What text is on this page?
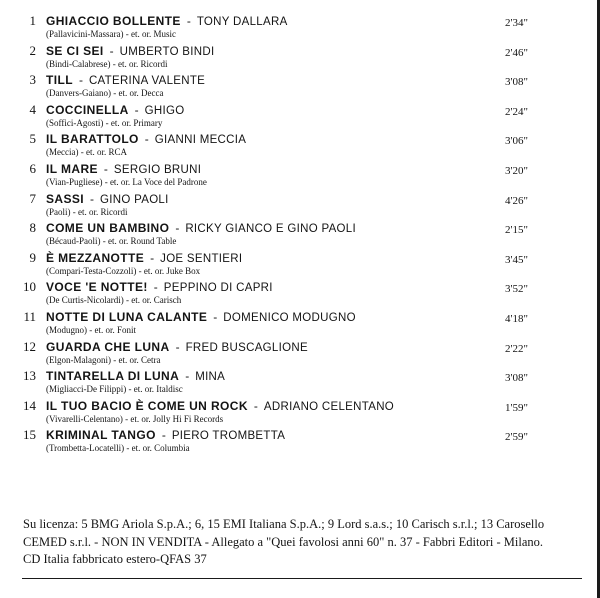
1 GHIACCIO BOLLENTE - TONY DALLARA
(Pallavicini-Massara) - et. or. Music
2'34"
2 SE CI SEI - UMBERTO BINDI
(Bindi-Calabrese) - et. or. Ricordi
2'46"
3 TILL - CATERINA VALENTE
(Danvers-Gaiano) - et. or. Decca
3'08"
4 COCCINELLA - GHIGO
(Soffici-Agosti) - et. or. Primary
2'24"
5 IL BARATTOLO - GIANNI MECCIA
(Meccia) - et. or. RCA
3'06"
6 IL MARE - SERGIO BRUNI
(Vian-Pugliese) - et. or. La Voce del Padrone
3'20"
7 SASSI - GINO PAOLI
(Paoli) - et. or. Ricordi
4'26"
8 COME UN BAMBINO - RICKY GIANCO E GINO PAOLI
(Bécaud-Paoli) - et. or. Round Table
2'15"
9 È MEZZANOTTE - JOE SENTIERI
(Compari-Testa-Cozzoli) - et. or. Juke Box
3'45"
10 VOCE 'E NOTTE! - PEPPINO DI CAPRI
(De Curtis-Nicolardi) - et. or. Carisch
3'52"
11 NOTTE DI LUNA CALANTE - DOMENICO MODUGNO
(Modugno) - et. or. Fonit
4'18"
12 GUARDA CHE LUNA - FRED BUSCAGLIONE
(Elgon-Malagoni) - et. or. Cetra
2'22"
13 TINTARELLA DI LUNA - MINA
(Migliacci-De Filippi) - et. or. Italdisc
3'08"
14 IL TUO BACIO È COME UN ROCK - ADRIANO CELENTANO
(Vivarelli-Celentano) - et. or. Jolly Hi Fi Records
1'59"
15 KRIMINAL TANGO - PIERO TROMBETTA
(Trombetta-Locatelli) - et. or. Columbia
2'59"
Su licenza: 5 BMG Ariola S.p.A.; 6, 15 EMI Italiana S.p.A.; 9 Lord s.a.s.; 10 Carisch s.r.l.; 13 Carosello
CEMED s.r.l. - NON IN VENDITA - Allegato a "Quei favolosi anni 60" n. 37 - Fabbri Editori - Milano.
CD Italia fabbricato estero-QFAS 37
